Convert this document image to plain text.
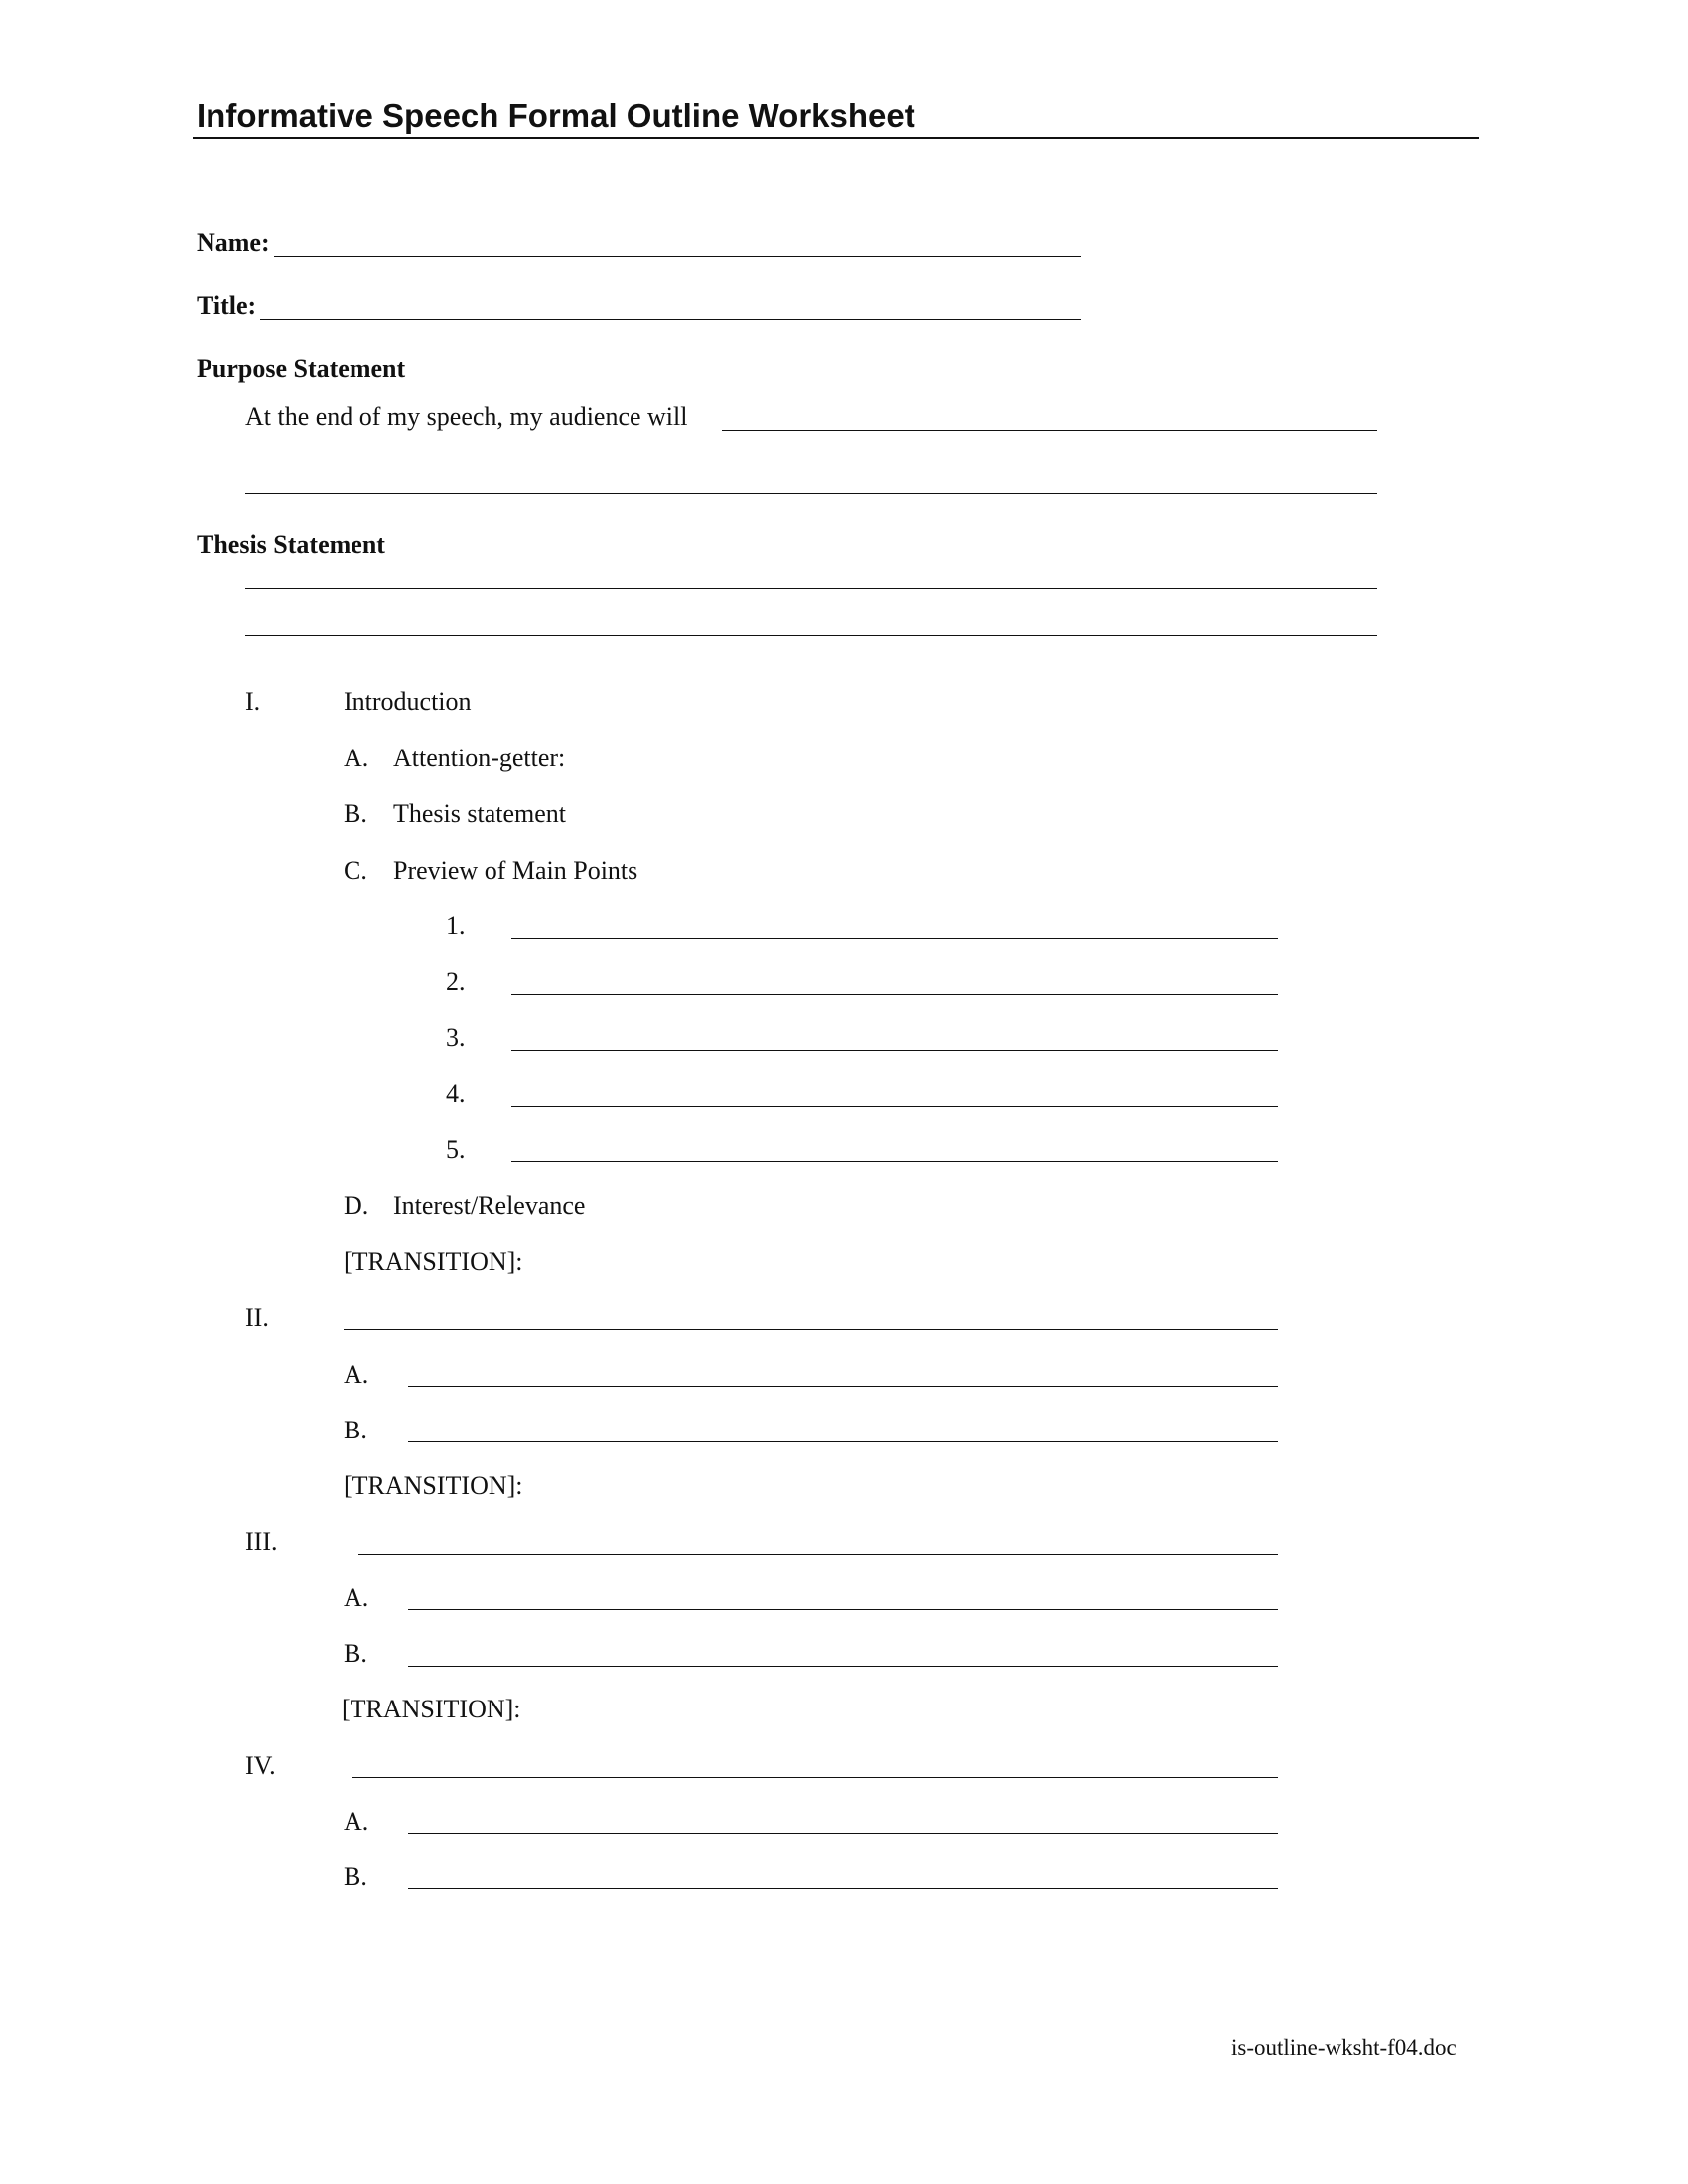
Informative Speech Formal Outline Worksheet
Name:
Title:
Purpose Statement
At the end of my speech, my audience will
Thesis Statement
I.	Introduction
A. Attention-getter:
B. Thesis statement
C. Preview of Main Points
1.
2.
3.
4.
5.
D. Interest/Relevance
[TRANSITION]:
II.
A.
B.
[TRANSITION]:
III.
A.
B.
[TRANSITION]:
IV.
A.
B.
is-outline-wksht-f04.doc
